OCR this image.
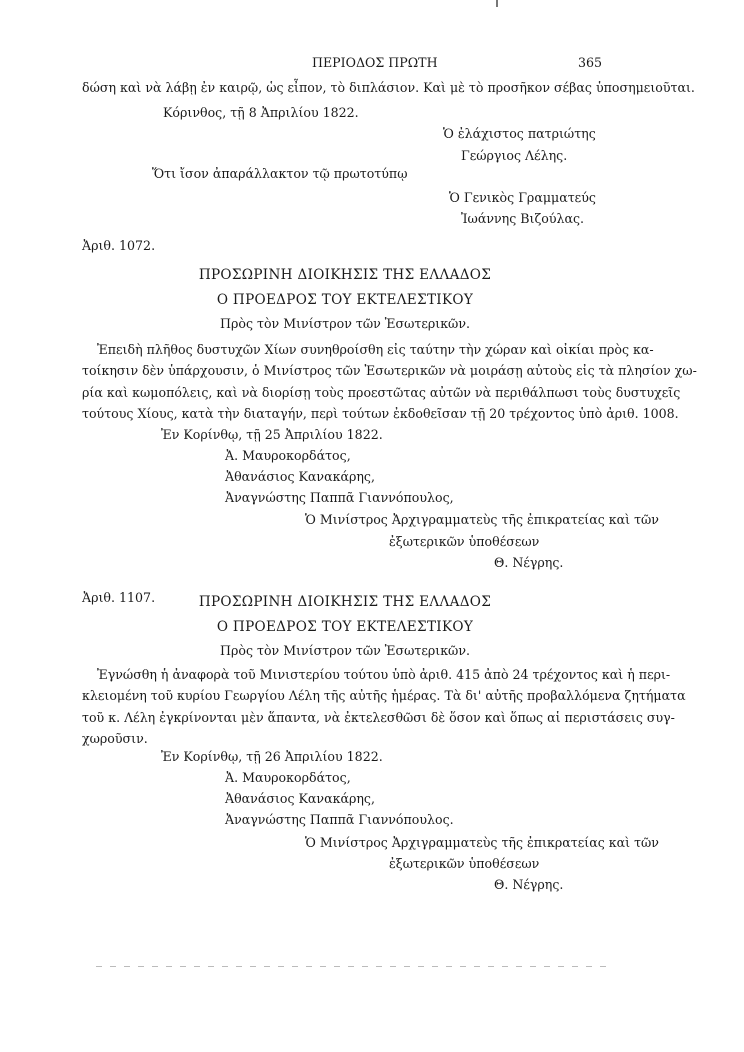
ΠΕΡΙΟΔΟΣ ΠΡΩΤΗ	365
δώση καὶ νὰ λάβῃ ἐν καιρῷ, ὡς εἶπον, τὸ διπλάσιον. Καὶ μὲ τὸ προσῆκον σέβας ὑποσημειοῦται.
Κόρινθος, τῇ 8 Ἀπριλίου 1822.
Ὁ ἐλάχιστος πατριώτης
Γεώργιος Λέλης.
Ὅτι ἴσον ἀπαράλλακτον τῷ πρωτοτύπῳ
Ὁ Γενικὸς Γραμματεύς
Ἰωάννης Βιζούλας.
Ἀριθ. 1072.
ΠΡΟΣΩΡΙΝΗ ΔΙΟΙΚΗΣΙΣ ΤΗΣ ΕΛΛΑΔΟΣ
Ο ΠΡΟΕΔΡΟΣ ΤΟΥ ΕΚΤΕΛΕΣΤΙΚΟΥ
Πρὸς τὸν Μινίστρον τῶν Ἐσωτερικῶν.
Ἐπειδὴ πλῆθος δυστυχῶν Χίων συνηθροίσθη εἰς ταύτην τὴν χώραν καὶ οἰκίαι πρὸς κα-
τοίκησιν δὲν ὑπάρχουσιν, ὁ Μινίστρος τῶν Ἐσωτερικῶν νὰ μοιράσῃ αὐτοὺς εἰς τὰ πλησίον χω-
ρία καὶ κωμοπόλεις, καὶ νὰ διορίσῃ τοὺς προεστῶτας αὐτῶν νὰ περιθάλπωσι τοὺς δυστυχεῖς
τούτους Χίους, κατὰ τὴν διαταγήν, περὶ τούτων ἐκδοθεῖσαν τῇ 20 τρέχοντος ὑπὸ ἀριθ. 1008.
Ἐν Κορίνθῳ, τῇ 25 Ἀπριλίου 1822.
Ἀ. Μαυροκορδάτος,
Ἀθανάσιος Κανακάρης,
Ἀναγνώστης Παππᾶ Γιαννόπουλος,
Ὁ Μινίστρος Ἀρχιγραμματεὺς τῆς ἐπικρατείας καὶ τῶν
ἐξωτερικῶν ὑποθέσεων
Θ. Νέγρης.
Ἀριθ. 1107.	ΠΡΟΣΩΡΙΝΗ ΔΙΟΙΚΗΣΙΣ ΤΗΣ ΕΛΛΑΔΟΣ
Ο ΠΡΟΕΔΡΟΣ ΤΟΥ ΕΚΤΕΛΕΣΤΙΚΟΥ
Πρὸς τὸν Μινίστρον τῶν Ἐσωτερικῶν.
Ἐγνώσθη ἡ ἀναφορὰ τοῦ Μινιστερίου τούτου ὑπὸ ἀριθ. 415 ἀπὸ 24 τρέχοντος καὶ ἡ περι-
κλειομένη τοῦ κυρίου Γεωργίου Λέλη τῆς αὐτῆς ἡμέρας. Τὰ δι' αὐτῆς προβαλλόμενα ζητήματα
τοῦ κ. Λέλη ἐγκρίνονται μὲν ἅπαντα, νὰ ἐκτελεσθῶσι δὲ ὅσον καὶ ὅπως αἱ περιστάσεις συγ-
χωροῦσιν.
Ἐν Κορίνθῳ, τῇ 26 Ἀπριλίου 1822.
Ἀ. Μαυροκορδάτος,
Ἀθανάσιος Κανακάρης,
Ἀναγνώστης Παππᾶ Γιαννόπουλος.
Ὁ Μινίστρος Ἀρχιγραμματεὺς τῆς ἐπικρατείας καὶ τῶν
ἐξωτερικῶν ὑποθέσεων
Θ. Νέγρης.
